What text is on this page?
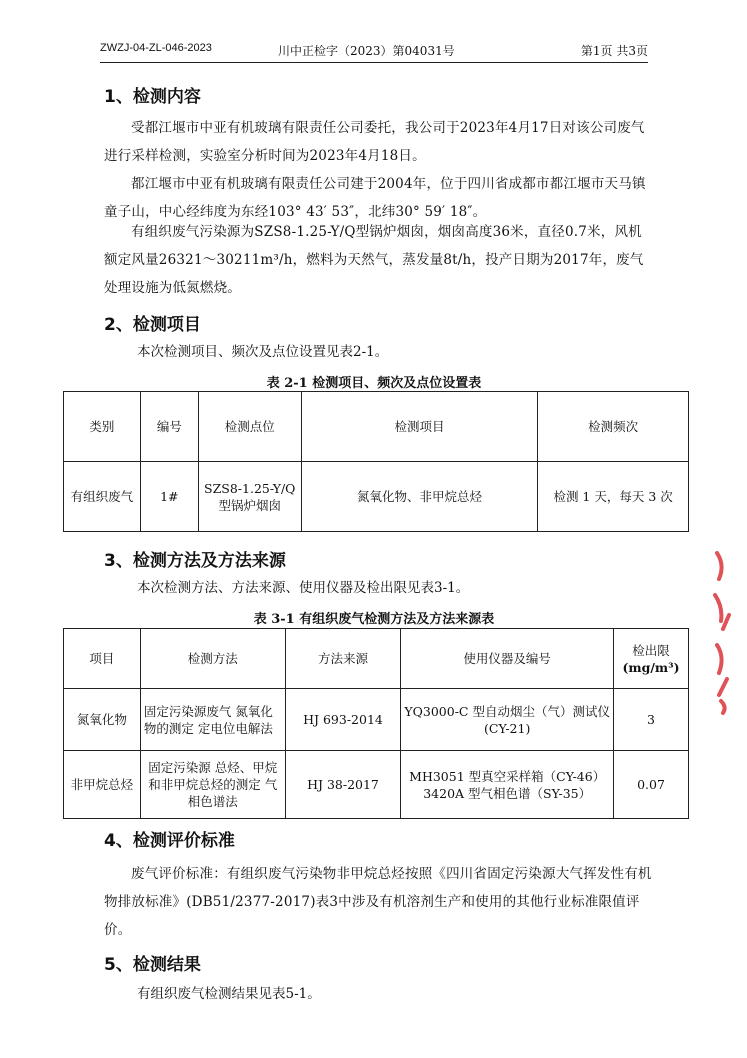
ZWZJ-04-ZL-046-2023	川中正检字（2023）第04031号	第1页 共3页
1、检测内容

受都江堰市中亚有机玻璃有限责任公司委托，我公司于2023年4月17日对该公司废气进行采样检测，实验室分析时间为2023年4月18日。

都江堰市中亚有机玻璃有限责任公司建于2004年，位于四川省成都市都江堰市天马镇童子山，中心经纬度为东经103° 43′ 53″，北纬30° 59′ 18″。

有组织废气污染源为SZS8-1.25-Y/Q型锅炉烟囱，烟囱高度36米，直径0.7米，风机额定风量26321～30211m³/h，燃料为天然气，蒸发量8t/h，投产日期为2017年，废气处理设施为低氮燃烧。

2、检测项目
本次检测项目、频次及点位设置见表2-1。
表 2-1 检测项目、频次及点位设置表
类别	编号	检测点位	检测项目	检测频次
有组织废气	1#	SZS8-1.25-Y/Q 型锅炉烟囱	氮氧化物、非甲烷总烃	检测 1 天，每天 3 次
3、检测方法及方法来源
本次检测方法、方法来源、使用仪器及检出限见表3-1。
表 3-1 有组织废气检测方法及方法来源表
项目	检测方法	方法来源	使用仪器及编号	检出限
(mg/m³)

氮氧化物	固定污染源废气 氮氧化物的测定 定电位电解法	HJ 693-2014	YQ3000-C 型自动烟尘（气）测试仪
(CY-21)	3
非甲烷总烃	固定污染源 总烃、甲烷和非甲烷总烃的测定 气相色谱法	HJ 38-2017	MH3051 型真空采样箱（CY-46）
3420A 型气相色谱（SY-35）	0.07
4、检测评价标准

废气评价标准：有组织废气污染物非甲烷总烃按照《四川省固定污染源大气挥发性有机物排放标准》(DB51/2377-2017)表3中涉及有机溶剂生产和使用的其他行业标准限值评价。

5、检测结果
有组织废气检测结果见表5-1。
